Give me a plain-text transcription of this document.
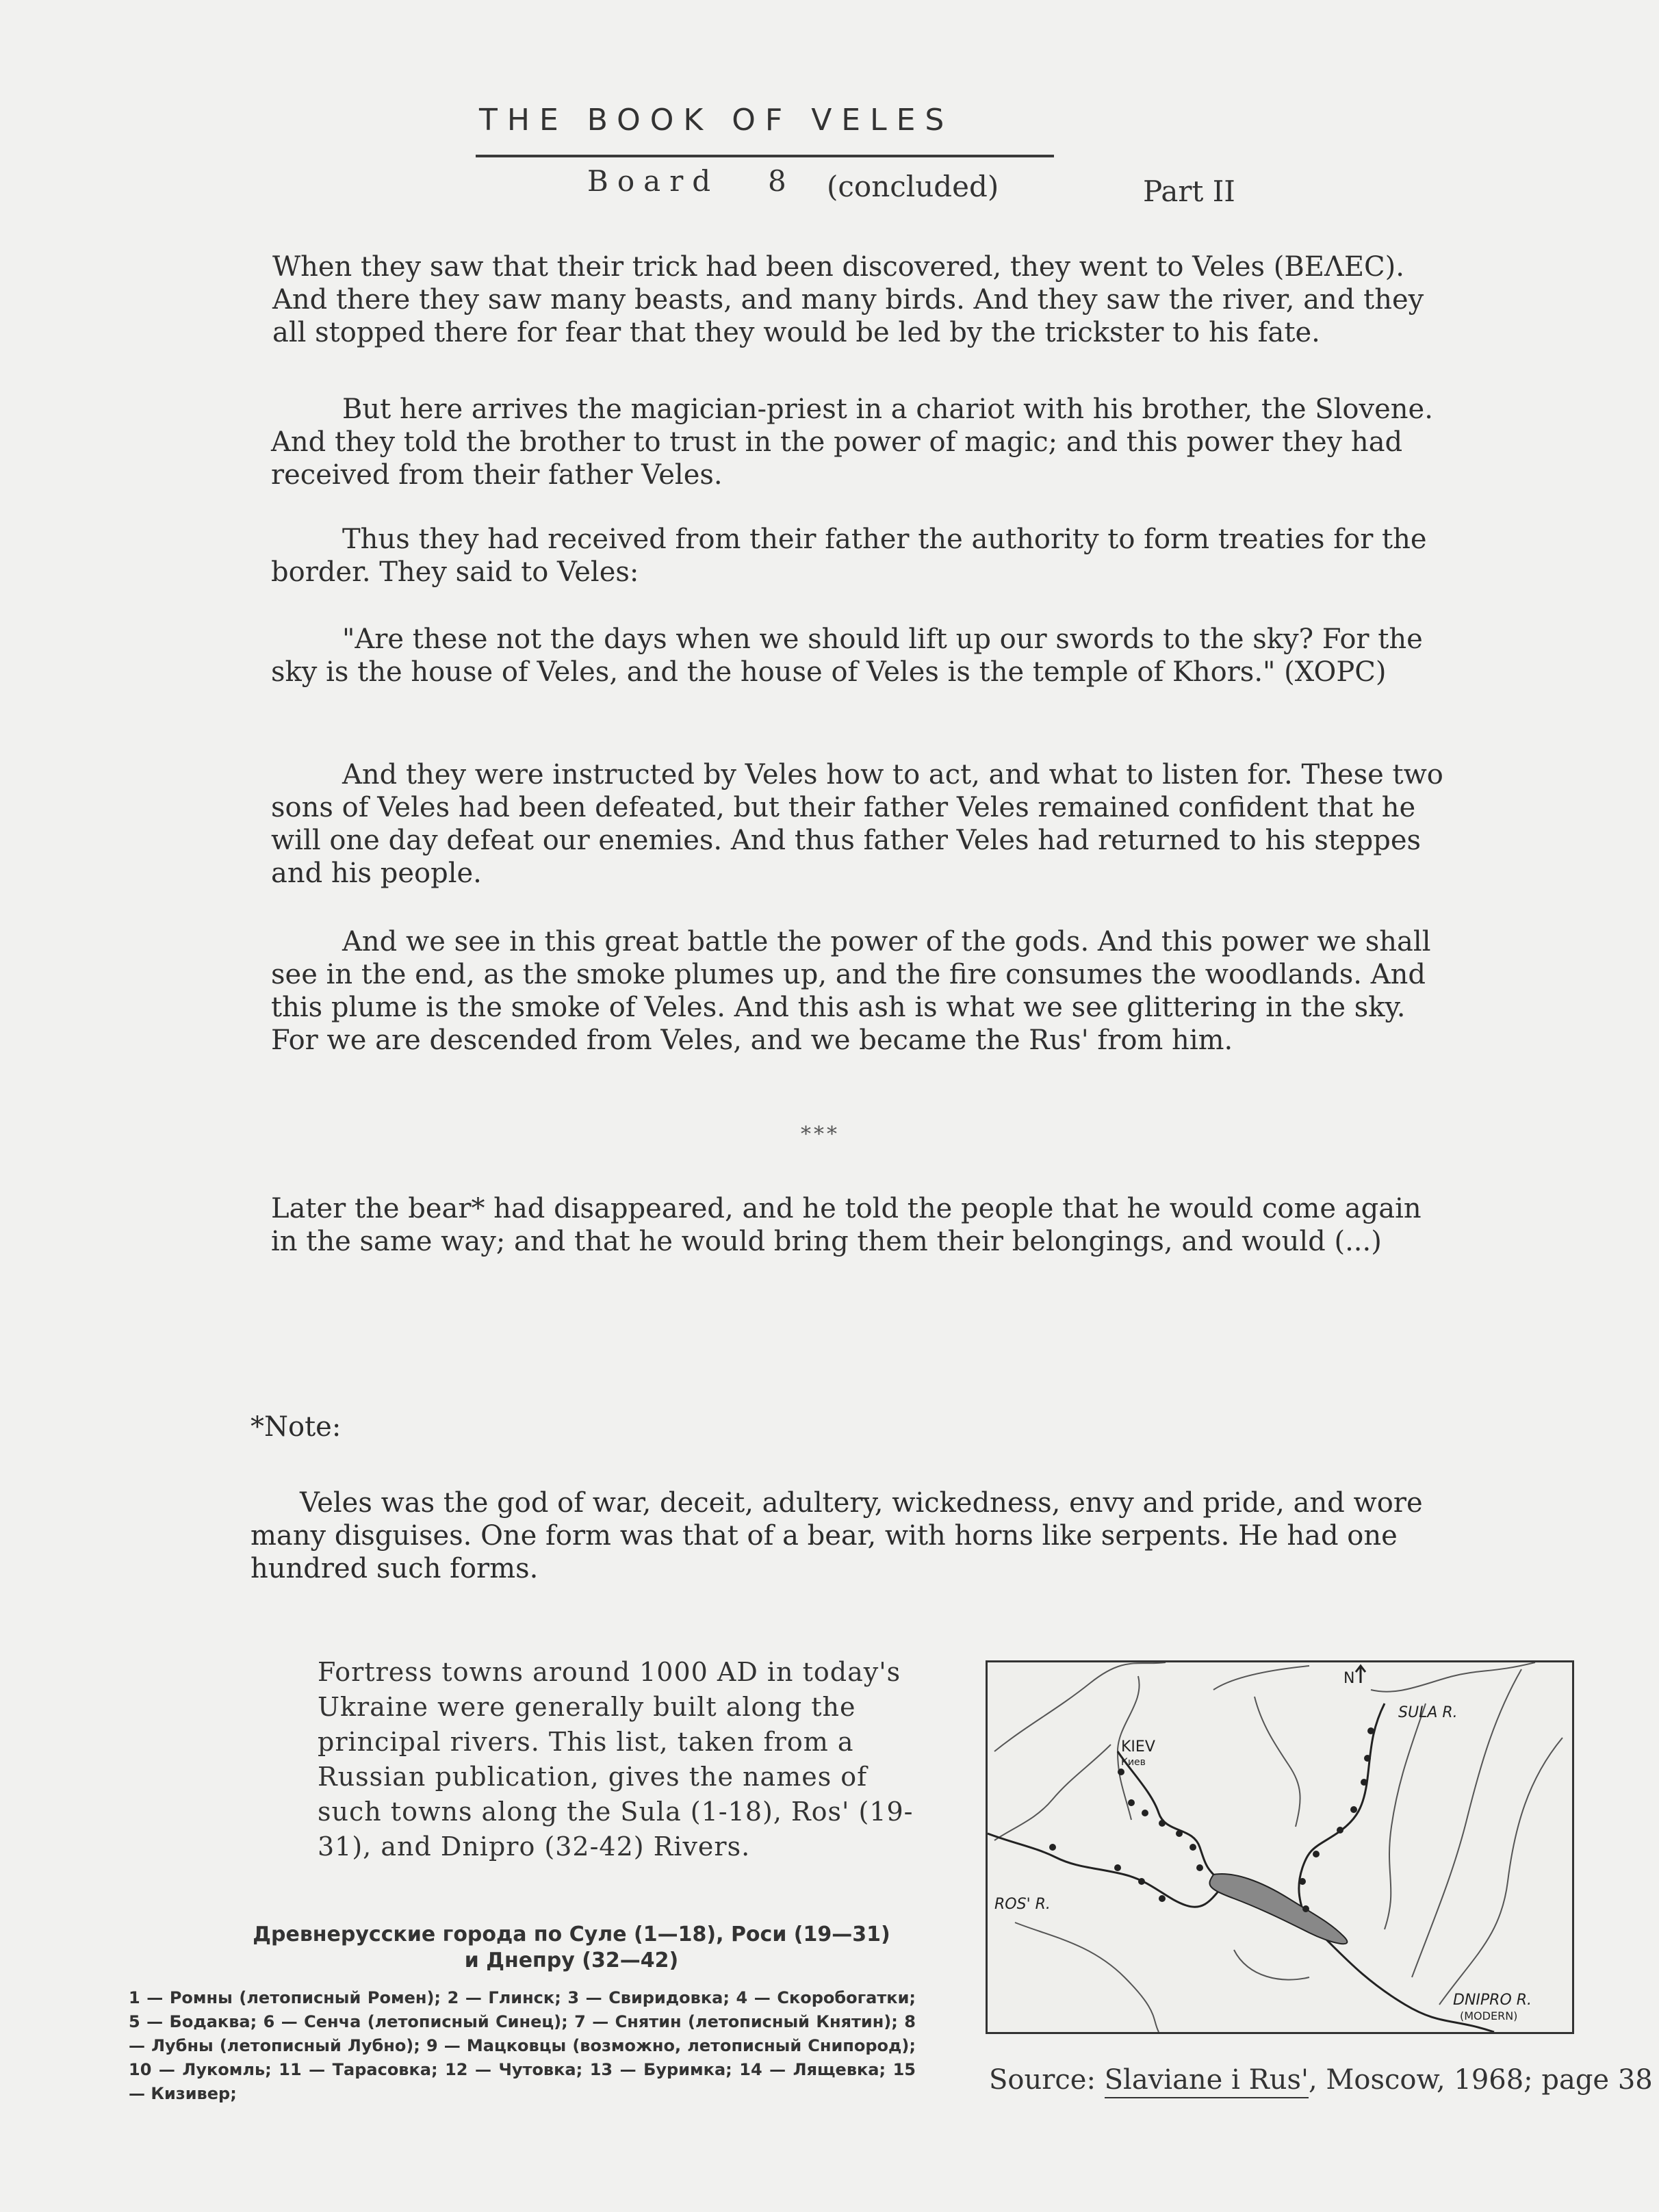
THE BOOK OF VELES
Board 8 (concluded)	Part II

When they saw that their trick had been discovered, they went to Veles (BEɅEC). And there they saw many beasts, and many birds. And they saw the river, and they all stopped there for fear that they would be led by the trickster to his fate.

But here arrives the magician-priest in a chariot with his brother, the Slovene. And they told the brother to trust in the power of magic; and this power they had received from their father Veles.

Thus they had received from their father the authority to form treaties for the border. They said to Veles:

"Are these not the days when we should lift up our swords to the sky? For the sky is the house of Veles, and the house of Veles is the temple of Khors." (XOPC)

And they were instructed by Veles how to act, and what to listen for. These two sons of Veles had been defeated, but their father Veles remained confident that he will one day defeat our enemies. And thus father Veles had returned to his steppes and his people.

And we see in this great battle the power of the gods. And this power we shall see in the end, as the smoke plumes up, and the fire consumes the woodlands. And this plume is the smoke of Veles. And this ash is what we see glittering in the sky. For we are descended from Veles, and we became the Rus' from him.

***

Later the bear* had disappeared, and he told the people that he would come again in the same way; and that he would bring them their belongings, and would (...)

*Note:

Veles was the god of war, deceit, adultery, wickedness, envy and pride, and wore many disguises. One form was that of a bear, with horns like serpents. He had one hundred such forms.

Fortress towns around 1000 AD in today's Ukraine were generally built along the principal rivers. This list, taken from a Russian publication, gives the names of such towns along the Sula (1-18), Ros' (19-31), and Dnipro (32-42) Rivers.

Древнерусские города по Суле (1—18), Роси (19—31)
и Днепру (32—42)

1 — Ромны (летописный Ромен); 2 — Глинск; 3 — Свиридовка; 4 — Скоробогатки; 5 — Бодаква; 6 — Сенча (летописный Синец); 7 — Снятин (летописный Княтин); 8 — Лубны (летописный Лубно); 9 — Мацковцы (возможно, летописный Снипород); 10 — Лукомль; 11 — Тарасовка; 12 — Чутовка; 13 — Буримка; 14 — Лящевка; 15 — Кизивер;

N
SULA R.
KIEV
Киев
ROS' R.
DNIPRO R.
(MODERN)
Source: Slaviane i Rus', Moscow, 1968; page 38
